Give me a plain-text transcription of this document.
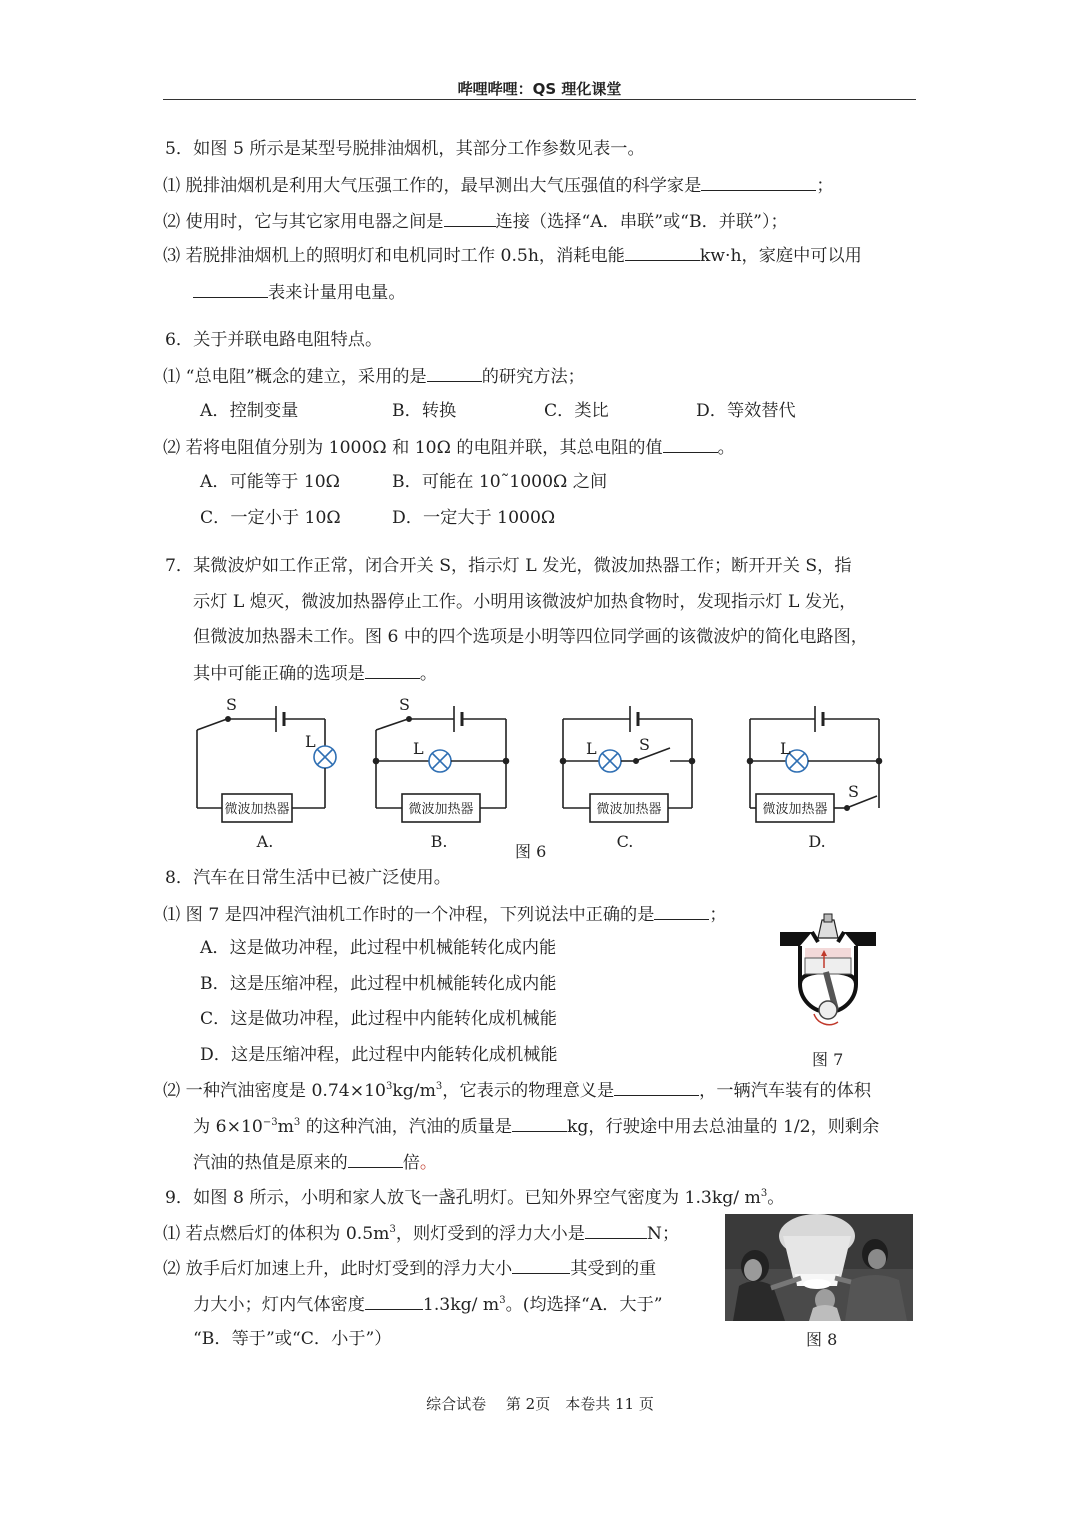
哔哩哔哩：QS 理化课堂
5．如图 5 所示是某型号脱排油烟机，其部分工作参数见表一。
⑴ 脱排油烟机是利用大气压强工作的，最早测出大气压强值的科学家是	；
⑵ 使用时，它与其它家用电器之间是	连接（选择“A．串联”或“B．并联”）；
⑶ 若脱排油烟机上的照明灯和电机同时工作 0.5h，消耗电能	kw·h，家庭中可以用
表来计量用电量。
6．关于并联电路电阻特点。
⑴ “总电阻”概念的建立，采用的是	的研究方法；
A．控制变量	B．转换	C．类比	D．等效替代
⑵ 若将电阻值分别为 1000Ω 和 10Ω 的电阻并联，其总电阻的值	。
A．可能等于 10Ω	B．可能在 10˜1000Ω 之间
C．一定小于 10Ω	D．一定大于 1000Ω
7．某微波炉如工作正常，闭合开关 S，指示灯 L 发光，微波加热器工作；断开开关 S，指
示灯 L 熄灭，微波加热器停止工作。小明用该微波炉加热食物时，发现指示灯 L 发光，
但微波加热器未工作。图 6 中的四个选项是小明等四位同学画的该微波炉的简化电路图，
其中可能正确的选项是	。
S
L
S
L	L	S	L
S
微波加热器	微波加热器	微波加热器	微波加热器
A.	B.	C.	D.
图 6
8．汽车在日常生活中已被广泛使用。
⑴ 图 7 是四冲程汽油机工作时的一个冲程，下列说法中正确的是	；
A．这是做功冲程，此过程中机械能转化成内能
B．这是压缩冲程，此过程中机械能转化成内能
C．这是做功冲程，此过程中内能转化成机械能
D．这是压缩冲程，此过程中内能转化成机械能	图 7
⑵ 一种汽油密度是 $0.74\times 10^3kg/m^3$，它表示的物理意义是	，一辆汽车装有的体积
为 $6\times 10^{-3}m^3$ 的这种汽油，汽油的质量是	kg，行驶途中用去总油量的 1/2，则剩余
汽油的热值是原来的	倍。
9．如图 8 所示，小明和家人放飞一盏孔明灯。已知外界空气密度为 1.3kg/ $m^3$。
⑴ 若点燃后灯的体积为 $0.5m^3$，则灯受到的浮力大小是	N；
⑵ 放手后灯加速上升，此时灯受到的浮力大小	其受到的重
力大小；灯内气体密度	1.3kg/ $m^3$。(均选择“A．大于”
“B．等于”或“C．小于”）	图 8
综合试卷　 第 2页　本卷共 11 页
